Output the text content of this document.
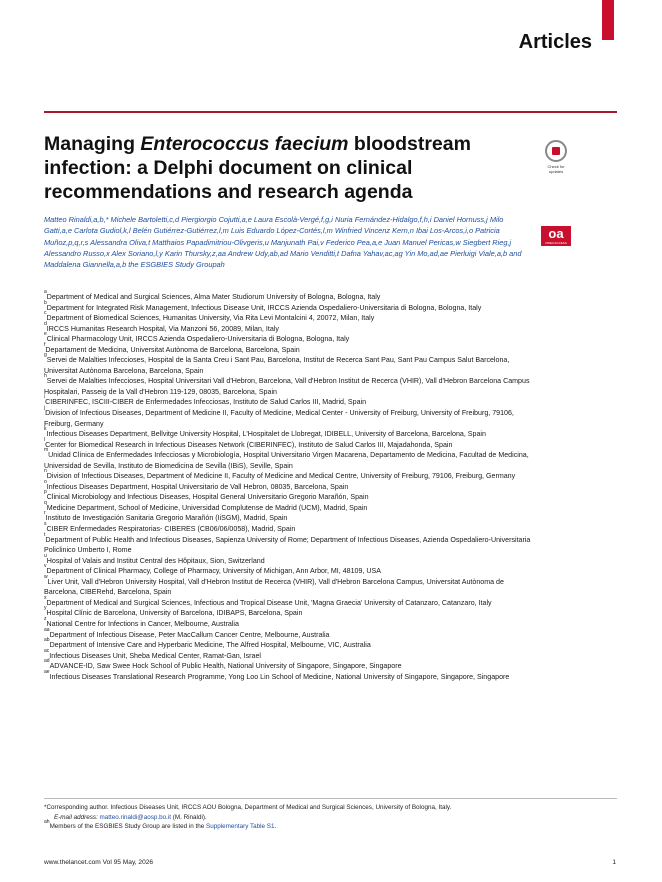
Articles
Managing Enterococcus faecium bloodstream infection: a Delphi document on clinical recommendations and research agenda
Check for updates
oa
OPEN ACCESS
Matteo Rinaldi,a,b,* Michele Bartoletti,c,d Piergiorgio Cojutti,a,e Laura Escolà-Vergé,f,g,i Nuria Fernández-Hidalgo,f,h,i Daniel Hornuss,j Milo Gatti,a,e Carlota Gudiol,k,l Belén Gutiérrez-Gutiérrez,l,m Luis Eduardo López-Cortés,l,m Winfried Vincenz Kern,n Ibai Los-Arcos,i,o Patricia Muñoz,p,q,r,s Alessandra Oliva,t Matthaios Papadimitriou-Olivgeris,u Manjunath Pai,v Federico Pea,a,e Juan Manuel Pericas,w Siegbert Rieg,j Alessandro Russo,x Alex Soriano,l,y Karin Thursky,z,aa Andrew Udy,ab,ad Mario Venditti,t Dafna Yahav,ac,ag Yin Mo,ad,ae Pierluigi Viale,a,b and Maddalena Giannella,a,b the ESGBIES Study Groupah

$^a$Department of Medical and Surgical Sciences, Alma Mater Studiorum University of Bologna, Bologna, Italy

$^b$Department for Integrated Risk Management, Infectious Disease Unit, IRCCS Azienda Ospedaliero-Universitaria di Bologna, Bologna, Italy

$^c$Department of Biomedical Sciences, Humanitas University, Via Rita Levi Montalcini 4, 20072, Milan, Italy

$^d$IRCCS Humanitas Research Hospital, Via Manzoni 56, 20089, Milan, Italy

$^e$Clinical Pharmacology Unit, IRCCS Azienda Ospedaliero-Universitaria di Bologna, Bologna, Italy

$^f$Departament de Medicina, Universitat Autònoma de Barcelona, Barcelona, Spain

$^g$Servei de Malalties Infeccioses, Hospital de la Santa Creu i Sant Pau, Barcelona, Institut de Recerca Sant Pau, Sant Pau Campus Salut Barcelona, Universitat Autònoma Barcelona, Barcelona, Spain

$^h$Servei de Malalties Infeccioses, Hospital Universitari Vall d'Hebron, Barcelona, Vall d'Hebron Institut de Recerca (VHIR), Vall d'Hebron Barcelona Campus Hospitalari, Passeig de la Vall d'Hebron 119-129, 08035, Barcelona, Spain

$^i$CIBERINFEC, ISCIII-CIBER de Enfermedades Infecciosas, Instituto de Salud Carlos III, Madrid, Spain

$^j$Division of Infectious Diseases, Department of Medicine II, Faculty of Medicine, Medical Center - University of Freiburg, University of Freiburg, 79106, Freiburg, Germany

$^k$Infectious Diseases Department, Bellvitge University Hospital, L'Hospitalet de Llobregat, IDIBELL, University of Barcelona, Barcelona, Spain

$^l$Center for Biomedical Research in Infectious Diseases Network (CIBERINFEC), Instituto de Salud Carlos III, Majadahonda, Spain

$^m$Unidad Clínica de Enfermedades Infecciosas y Microbiología, Hospital Universitario Virgen Macarena, Departamento de Medicina, Facultad de Medicina, Universidad de Sevilla, Instituto de Biomedicina de Sevilla (IBiS), Seville, Spain

$^n$Division of Infectious Diseases, Department of Medicine II, Faculty of Medicine and Medical Centre, University of Freiburg, 79106, Freiburg, Germany

$^o$Infectious Diseases Department, Hospital Universitario de Vall Hebron, 08035, Barcelona, Spain

$^p$Clinical Microbiology and Infectious Diseases, Hospital General Universitario Gregorio Marañón, Spain

$^q$Medicine Department, School of Medicine, Universidad Complutense de Madrid (UCM), Madrid, Spain

$^r$Instituto de Investigación Sanitaria Gregorio Marañón (IiSGM), Madrid, Spain

$^s$CIBER Enfermedades Respiratorias- CIBERES (CB06/06/0058), Madrid, Spain

$^t$Department of Public Health and Infectious Diseases, Sapienza University of Rome; Department of Infectious Diseases, Azienda Ospedaliero-Universitaria Policlinico Umberto I, Rome

$^u$Hospital of Valais and Institut Central des Hôpitaux, Sion, Switzerland

$^v$Department of Clinical Pharmacy, College of Pharmacy, University of Michigan, Ann Arbor, MI, 48109, USA

$^w$Liver Unit, Vall d'Hebron University Hospital, Vall d'Hebron Institut de Recerca (VHIR), Vall d'Hebron Barcelona Campus, Universitat Autònoma de Barcelona, CIBERehd, Barcelona, Spain

$^x$Department of Medical and Surgical Sciences, Infectious and Tropical Disease Unit, 'Magna Graecia' University of Catanzaro, Catanzaro, Italy

$^y$Hospital Clínic de Barcelona, University of Barcelona, IDIBAPS, Barcelona, Spain

$^z$National Centre for Infections in Cancer, Melbourne, Australia

$^{aa}$Department of Infectious Disease, Peter MacCallum Cancer Centre, Melbourne, Australia

$^{ab}$Department of Intensive Care and Hyperbaric Medicine, The Alfred Hospital, Melbourne, VIC, Australia

$^{ac}$Infectious Diseases Unit, Sheba Medical Center, Ramat-Gan, Israel

$^{ad}$ADVANCE-ID, Saw Swee Hock School of Public Health, National University of Singapore, Singapore, Singapore

$^{ae}$Infectious Diseases Translational Research Programme, Yong Loo Lin School of Medicine, National University of Singapore, Singapore, Singapore

*Corresponding author. Infectious Diseases Unit, IRCCS AOU Bologna, Department of Medical and Surgical Sciences, University of Bologna, Italy.

E-mail address: matteo.rinaldi@aosp.bo.it (M. Rinaldi).

$^{ah}$Members of the ESGBIES Study Group are listed in the Supplementary Table S1.

www.thelancet.com Vol 95 May, 2026	1
